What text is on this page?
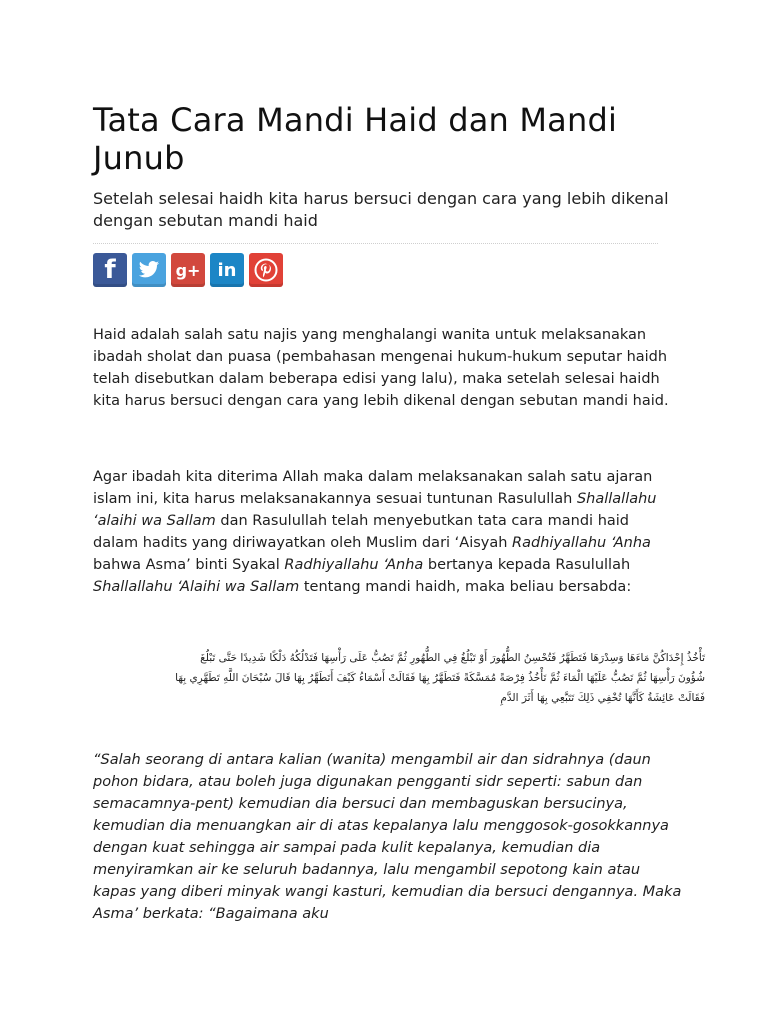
Tata Cara Mandi Haid dan Mandi Junub
Setelah selesai haidh kita harus bersuci dengan cara yang lebih dikenal dengan sebutan mandi haid
f	g+ in

Haid adalah salah satu najis yang menghalangi wanita untuk melaksanakan ibadah sholat dan puasa (pembahasan mengenai hukum-hukum seputar haidh telah disebutkan dalam beberapa edisi yang lalu), maka setelah selesai haidh kita harus bersuci dengan cara yang lebih dikenal dengan sebutan mandi haid.

Agar ibadah kita diterima Allah maka dalam melaksanakan salah satu ajaran islam ini, kita harus melaksanakannya sesuai tuntunan Rasulullah Shallallahu ‘alaihi wa Sallam dan Rasulullah telah menyebutkan tata cara mandi haid dalam hadits yang diriwayatkan oleh Muslim dari ‘Aisyah Radhiyallahu ‘Anha bahwa Asma’ binti Syakal Radhiyallahu ‘Anha bertanya kepada Rasulullah Shallallahu ‘Alaihi wa Sallam tentang mandi haidh, maka beliau bersabda:

تَأْخُذُ إِحْدَاكُنَّ مَاءَهَا وَسِدْرَهَا فَتَطَهَّرُ فَتُحْسِنُ الطُّهُورَ أَوْ تَبْلُغُ فِي الطُّهُورِ ثُمَّ تَصُبُّ عَلَى رَأْسِهَا فَتَدْلُكُهُ دَلْكًا شَدِيدًا حَتَّى تَبْلُغَ
شُؤُونَ رَأْسِهَا ثُمَّ تَصُبُّ عَلَيْهَا الْمَاءَ ثُمَّ تَأْخُذُ فِرْصَةً مُمَسَّكَةً فَتَطَهَّرُ بِهَا فَقَالَتْ أَسْمَاءُ كَيْفَ أَتَطَهَّرُ بِهَا قَالَ سُبْحَانَ اللَّهِ تَطَهَّرِي بِهَا
فَقَالَتْ عَائِشَةُ كَأَنَّهَا تُخْفِي ذَلِكَ تَتَبَّعِي بِهَا أَثَرَ الدَّمِ

“Salah seorang di antara kalian (wanita) mengambil air dan sidrahnya (daun pohon bidara, atau boleh juga digunakan pengganti sidr seperti: sabun dan semacamnya-pent) kemudian dia bersuci dan membaguskan bersucinya, kemudian dia menuangkan air di atas kepalanya lalu menggosok-gosokkannya dengan kuat sehingga air sampai pada kulit kepalanya, kemudian dia menyiramkan air ke seluruh badannya, lalu mengambil sepotong kain atau kapas yang diberi minyak wangi kasturi, kemudian dia bersuci dengannya. Maka Asma’ berkata: “Bagaimana aku
